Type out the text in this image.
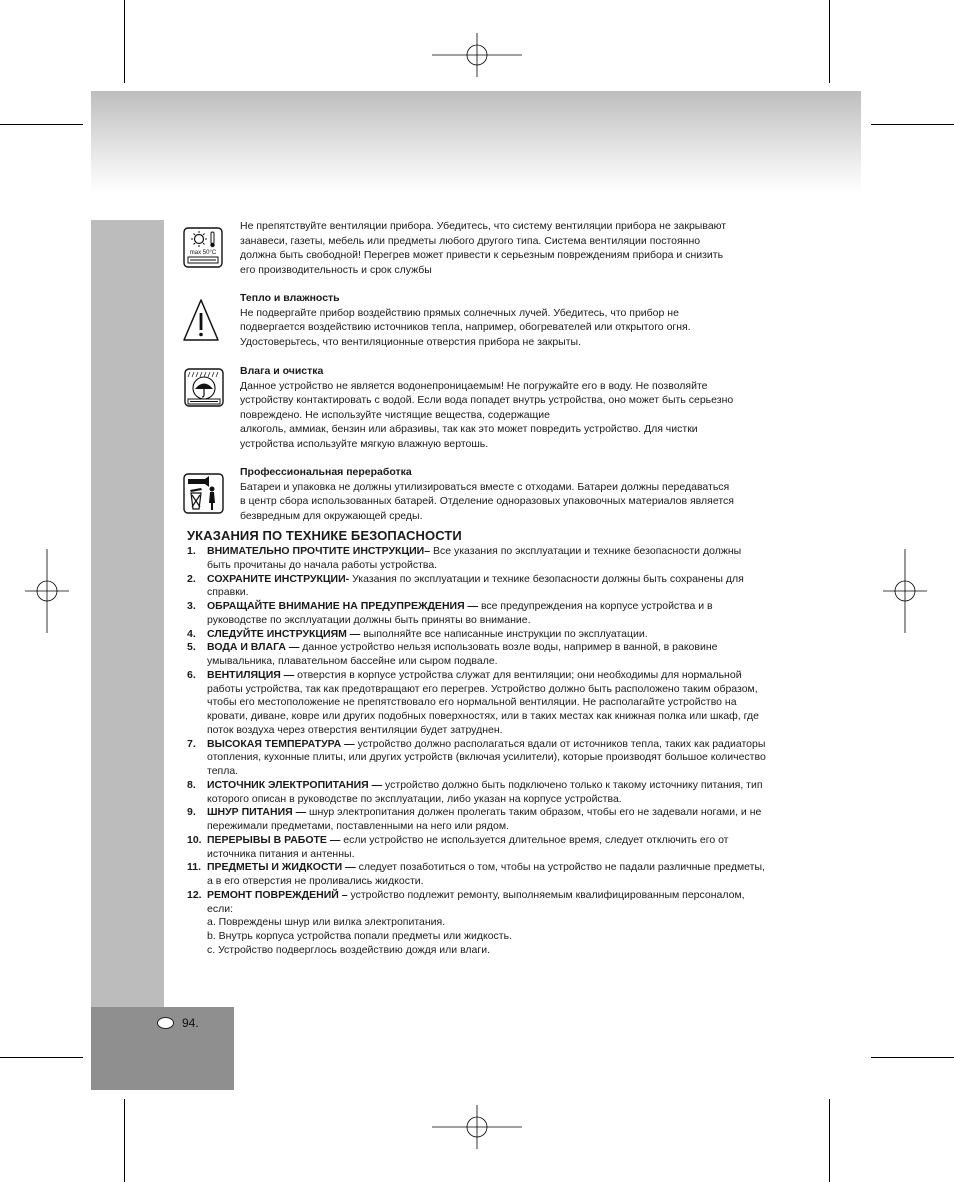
max 50°C
Не препятствуйте вентиляции прибора. Убедитесь, что систему вентиляции прибора не закрывают
занавеси, газеты, мебель или предметы любого другого типа. Система вентиляции постоянно
должна быть свободной! Перегрев может привести к серьезным повреждениям прибора и снизить
его производительность и срок службы
Тепло и влажность
Не подвергайте прибор воздействию прямых солнечных лучей. Убедитесь, что прибор не
подвергается воздействию источников тепла, например, обогревателей или открытого огня.
Удостоверьтесь, что вентиляционные отверстия прибора не закрыты.
Влага и очистка
Данное устройство не является водонепроницаемым! Не погружайте его в воду. Не позволяйте
устройству контактировать с водой. Если вода попадет внутрь устройства, оно может быть серьезно
повреждено. Не используйте чистящие вещества, содержащие
алкоголь, аммиак, бензин или абразивы, так как это может повредить устройство. Для чистки
устройства используйте мягкую влажную вертошь.
Профессиональная переработка
Батареи и упаковка не должны утилизироваться вместе с отходами. Батареи должны передаваться
в центр сбора использованных батарей. Отделение одноразовых упаковочных материалов является
безвредным для окружающей среды.
УКАЗАНИЯ ПО ТЕХНИКЕ БЕЗОПАСНОСТИ
1. ВНИМАТЕЛЬНО ПРОЧТИТЕ ИНСТРУКЦИИ– Все указания по эксплуатации и технике безопасности должны быть прочитаны до начала работы устройства.
2. СОХРАНИТЕ ИНСТРУКЦИИ- Указания по эксплуатации и технике безопасности должны быть сохранены для справки.
3. ОБРАЩАЙТЕ ВНИМАНИЕ НА ПРЕДУПРЕЖДЕНИЯ — все предупреждения на корпусе устройства и в руководстве по эксплуатации должны быть приняты во внимание.
4. СЛЕДУЙТЕ ИНСТРУКЦИЯМ — выполняйте все написанные инструкции по эксплуатации.
5. ВОДА И ВЛАГА — данное устройство нельзя использовать возле воды, например в ванной, в раковине умывальника, плавательном бассейне или сыром подвале.
6. ВЕНТИЛЯЦИЯ — отверстия в корпусе устройства служат для вентиляции; они необходимы для нормальной работы устройства, так как предотвращают его перегрев. Устройство должно быть расположено таким образом, чтобы его местоположение не препятствовало его нормальной вентиляции. Не располагайте устройство на кровати, диване, ковре или других подобных поверхностях, или в таких местах как книжная полка или шкаф, где поток воздуха через отверстия вентиляции будет затруднен.
7. ВЫСОКАЯ ТЕМПЕРАТУРА — устройство должно располагаться вдали от источников тепла, таких как радиаторы отопления, кухонные плиты, или других устройств (включая усилители), которые производят большое количество тепла.
8. ИСТОЧНИК ЭЛЕКТРОПИТАНИЯ — устройство должно быть подключено только к такому источнику питания, тип которого описан в руководстве по эксплуатации, либо указан на корпусе устройства.
9. ШНУР ПИТАНИЯ — шнур электропитания должен пролегать таким образом, чтобы его не задевали ногами, и не пережимали предметами, поставленными на него или рядом.
10. ПЕРЕРЫВЫ В РАБОТЕ — если устройство не используется длительное время, следует отключить его от источника питания и антенны.
11. ПРЕДМЕТЫ И ЖИДКОСТИ — следует позаботиться о том, чтобы на устройство не падали различные предметы, а в его отверстия не проливались жидкости.
12. РЕМОНТ ПОВРЕЖДЕНИЙ – устройство подлежит ремонту, выполняемым квалифицированным персоналом, если:
а. Повреждены шнур или вилка электропитания.
b. Внутрь корпуса устройства попали предметы или жидкость.
c. Устройство подверглось воздействию дождя или влаги.
94.
